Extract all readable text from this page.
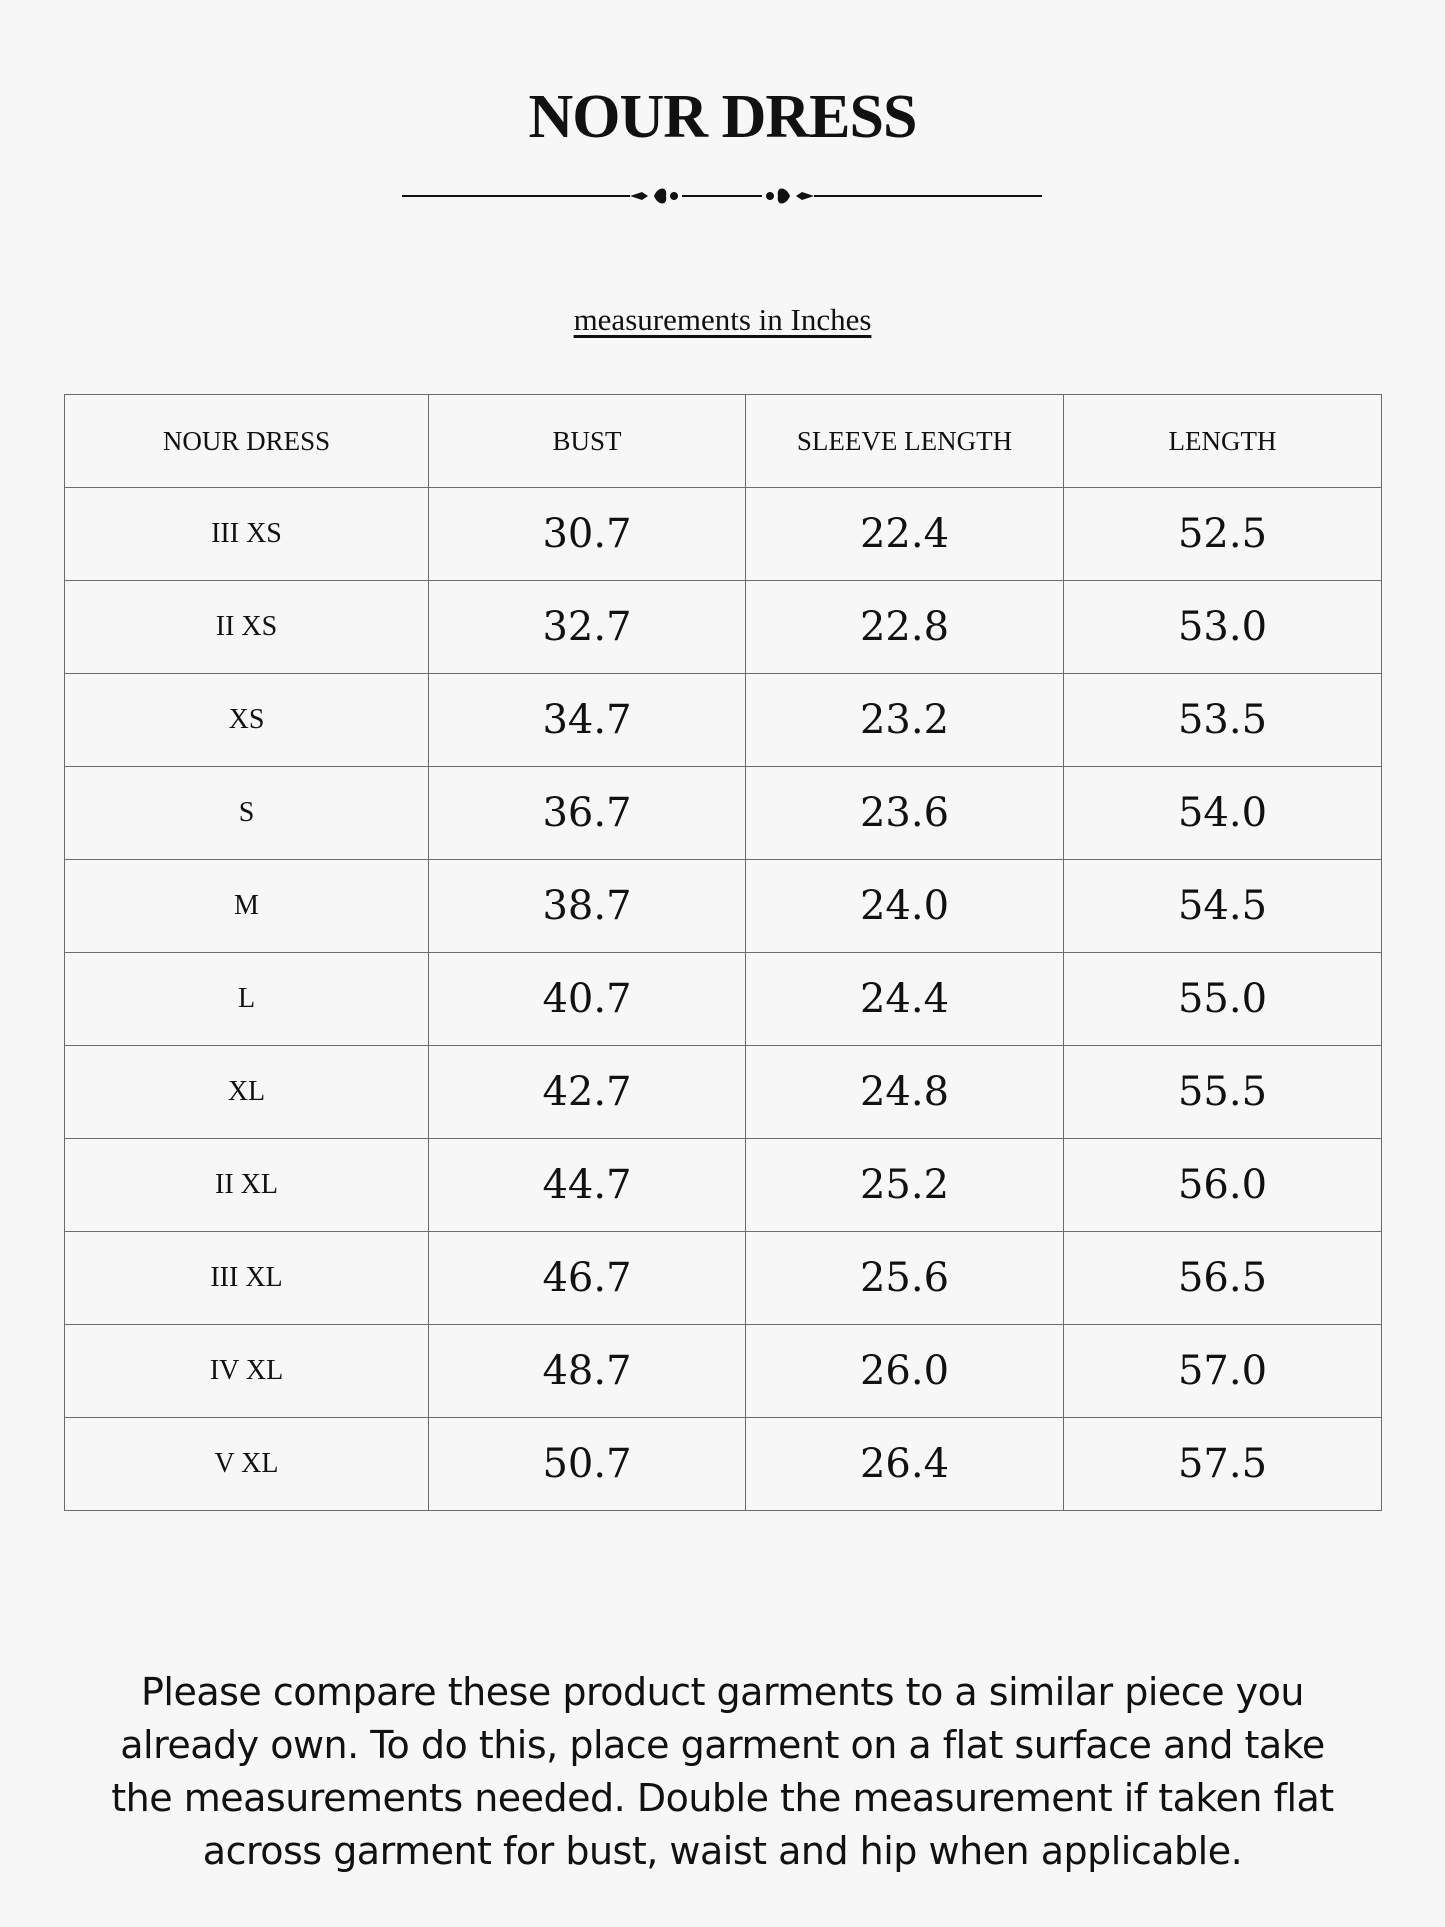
NOUR DRESS
measurements in Inches
NOUR DRESS	BUST	SLEEVE LENGTH	LENGTH
III XS	30.7	22.4	52.5
II XS	32.7	22.8	53.0
XS	34.7	23.2	53.5
S	36.7	23.6	54.0
M	38.7	24.0	54.5
L	40.7	24.4	55.0
XL	42.7	24.8	55.5
II XL	44.7	25.2	56.0
III XL	46.7	25.6	56.5
IV XL	48.7	26.0	57.0
V XL	50.7	26.4	57.5

Please compare these product garments to a similar piece you already own. To do this, place garment on a flat surface and take the measurements needed. Double the measurement if taken flat across garment for bust, waist and hip when applicable.
